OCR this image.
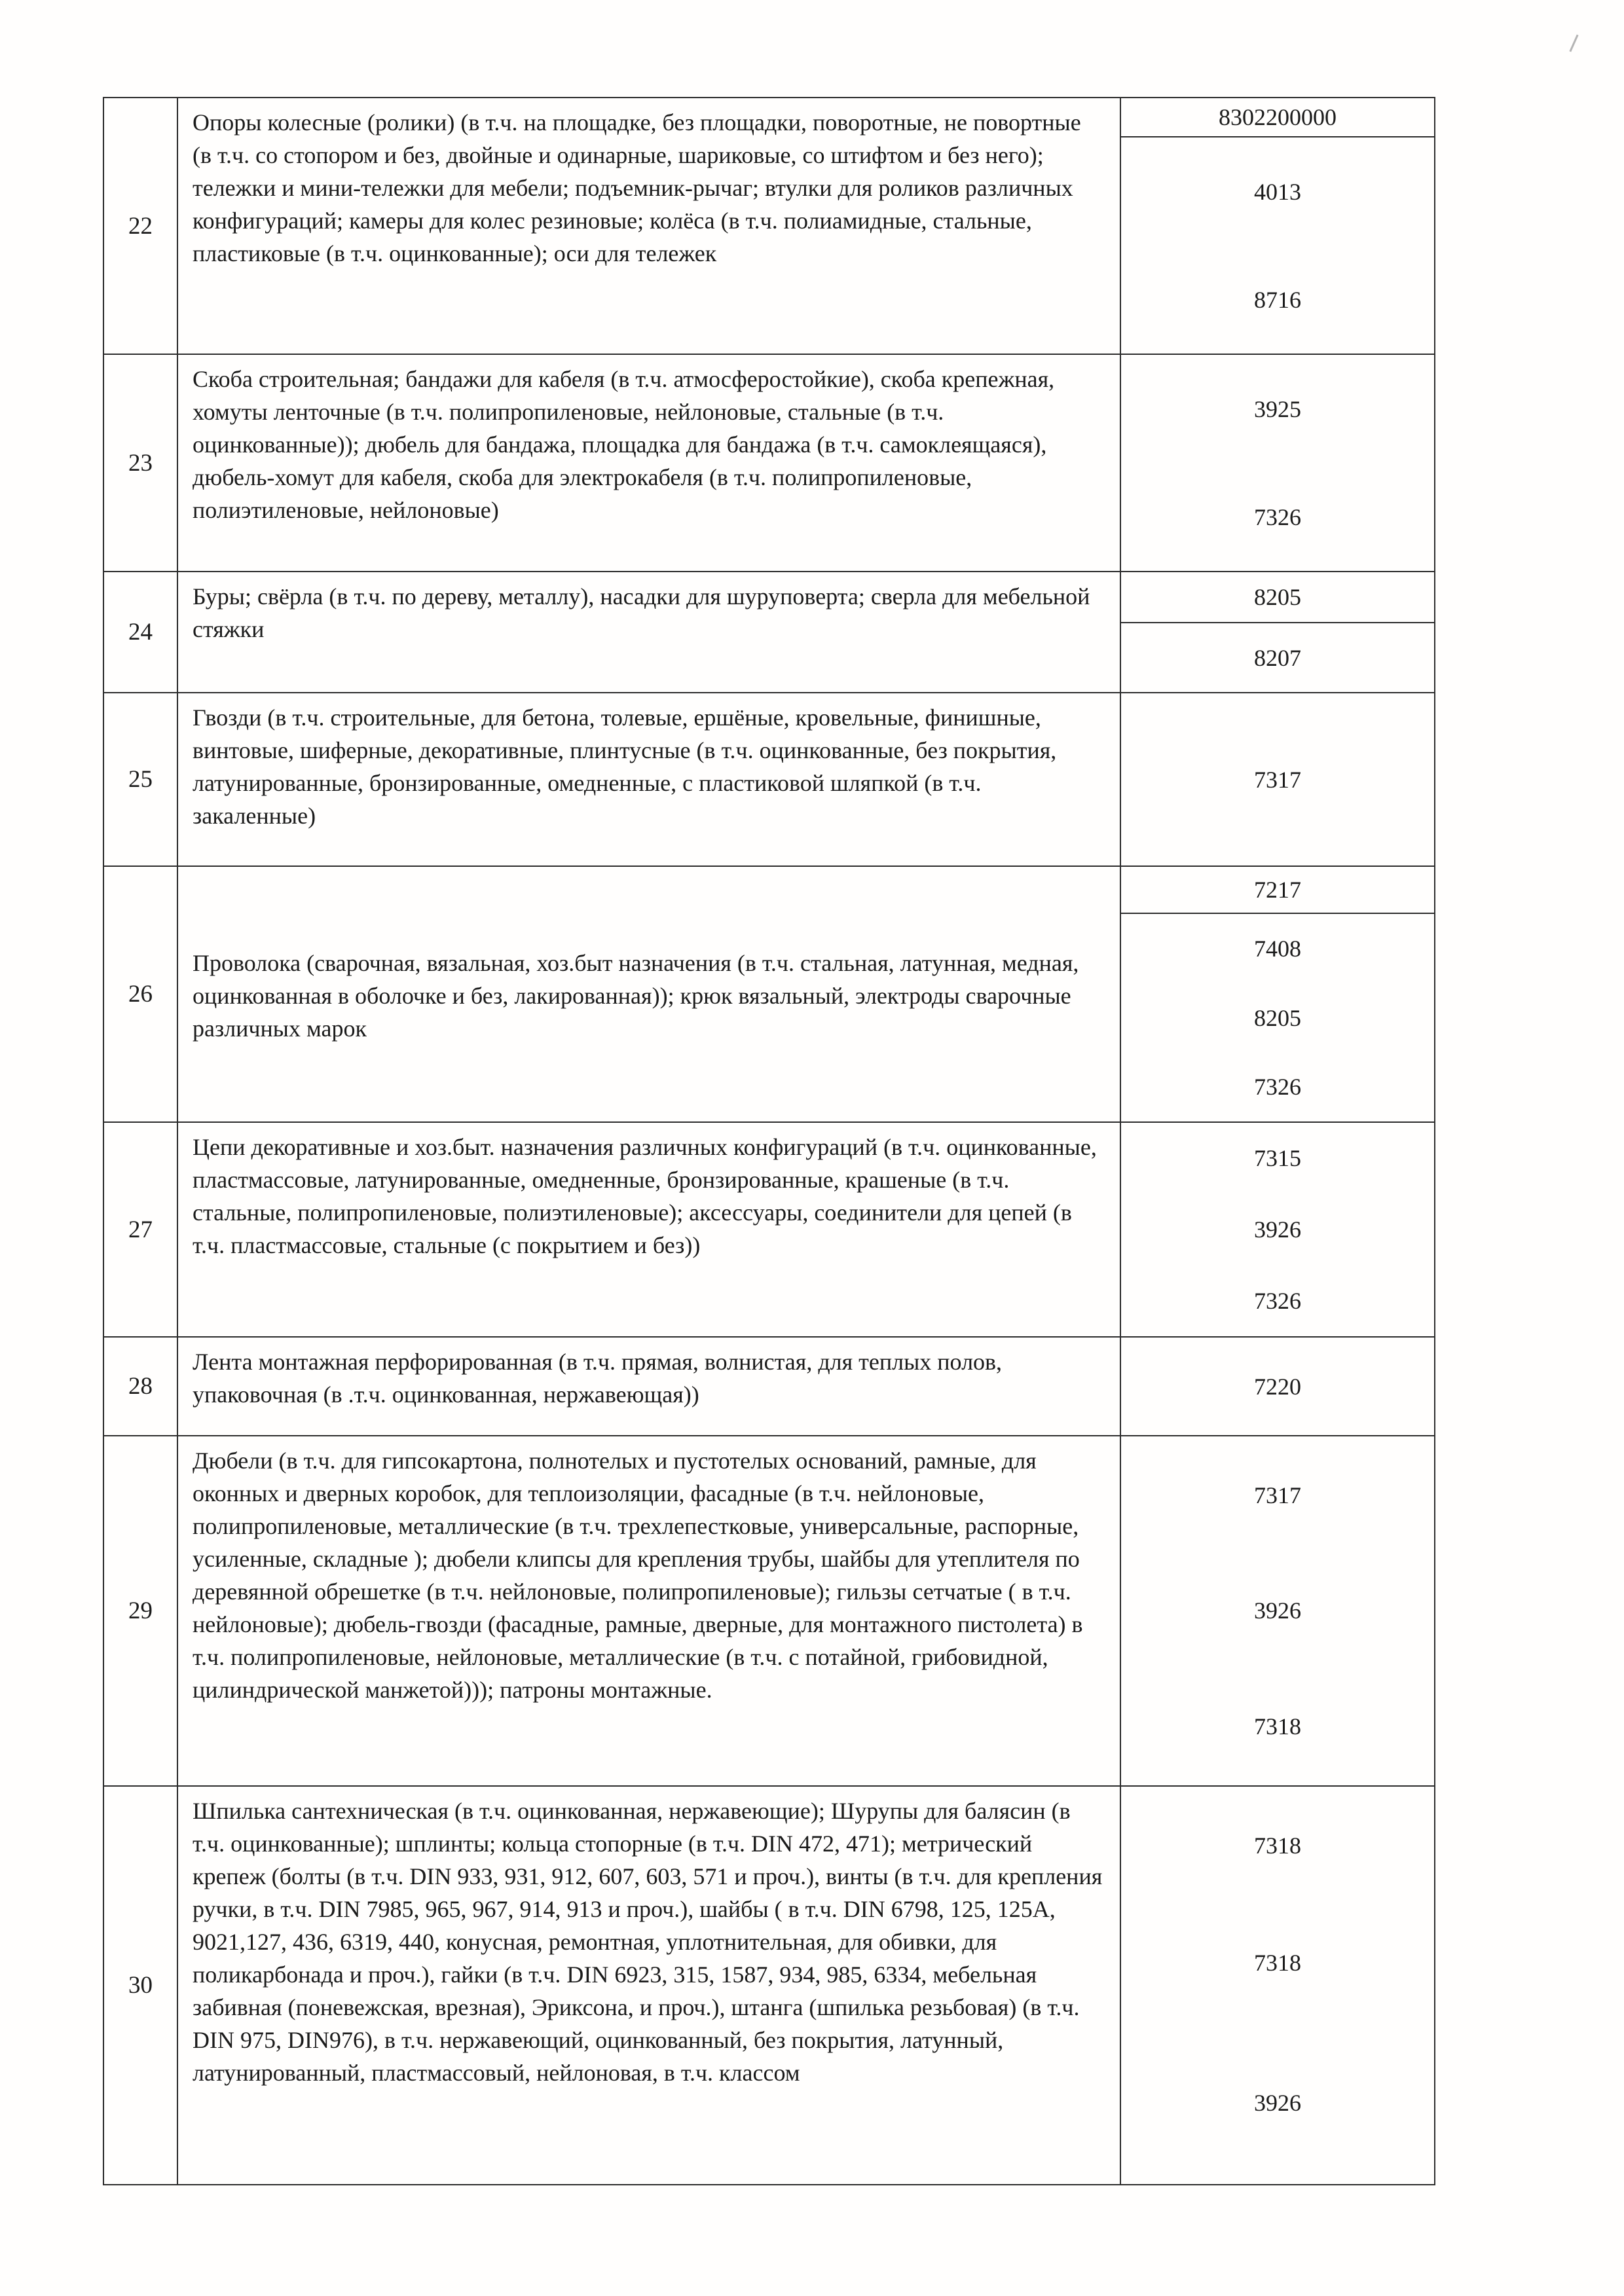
22
Опоры колесные (ролики) (в т.ч. на площадке, без площадки, поворотные, не повортные (в т.ч. со стопором и без, двойные и одинарные, шариковые, со штифтом и без него); тележки и мини-тележки для мебели; подъемник-рычаг; втулки для роликов различных конфигураций; камеры для колес резиновые; колёса (в т.ч. полиамидные, стальные, пластиковые (в т.ч. оцинкованные); оси для тележек
8302200000
4013
8716
23
Скоба строительная; бандажи для кабеля (в т.ч. атмосферостойкие), скоба крепежная, хомуты ленточные (в т.ч. полипропиленовые, нейлоновые, стальные (в т.ч. оцинкованные)); дюбель для бандажа, площадка для бандажа (в т.ч. самоклеящаяся), дюбель-хомут для кабеля, скоба для электрокабеля (в т.ч. полипропиленовые, полиэтиленовые, нейлоновые)
3925
7326
24
Буры; свёрла (в т.ч. по дереву, металлу), насадки для шуруповерта; сверла для мебельной стяжки
8205
8207
25
Гвозди (в т.ч. строительные, для бетона, толевые, ершёные, кровельные, финишные, винтовые, шиферные, декоративные, плинтусные (в т.ч. оцинкованные, без покрытия, латунированные, бронзированные, омедненные, с пластиковой шляпкой (в т.ч. закаленные)
7317
26
Проволока (сварочная, вязальная, хоз.быт назначения (в т.ч. стальная, латунная, медная, оцинкованная в оболочке и без, лакированная)); крюк вязальный, электроды сварочные различных марок
7217
7408
8205
7326
27
Цепи декоративные и хоз.быт. назначения различных конфигураций (в т.ч. оцинкованные, пластмассовые, латунированные, омедненные, бронзированные, крашеные (в т.ч. стальные, полипропиленовые, полиэтиленовые); аксессуары, соединители для цепей (в т.ч. пластмассовые, стальные (с покрытием и без))
7315
3926
7326
28
Лента монтажная перфорированная (в т.ч. прямая, волнистая, для теплых полов, упаковочная (в .т.ч. оцинкованная, нержавеющая))	7220
29
Дюбели (в т.ч. для гипсокартона, полнотелых и пустотелых оснований, рамные, для оконных и дверных коробок, для теплоизоляции, фасадные (в т.ч. нейлоновые, полипропиленовые, металлические (в т.ч. трехлепестковые, универсальные, распорные, усиленные, складные ); дюбели клипсы для крепления трубы, шайбы для утеплителя по деревянной обрешетке (в т.ч. нейлоновые, полипропиленовые); гильзы сетчатые ( в т.ч. нейлоновые); дюбель-гвозди (фасадные, рамные, дверные, для монтажного пистолета) в т.ч. полипропиленовые, нейлоновые, металлические (в т.ч. с потайной, грибовидной, цилиндрической манжетой))); патроны монтажные.
7317
3926
7318
30
Шпилька сантехническая (в т.ч. оцинкованная, нержавеющие); Шурупы для балясин (в т.ч. оцинкованные); шплинты; кольца стопорные (в т.ч. DIN 472, 471); метрический крепеж (болты (в т.ч. DIN 933, 931, 912, 607, 603, 571 и проч.), винты (в т.ч. для крепления ручки, в т.ч. DIN 7985, 965, 967, 914, 913 и проч.), шайбы ( в т.ч. DIN 6798, 125, 125A, 9021,127, 436, 6319, 440, конусная, ремонтная, уплотнительная, для обивки, для поликарбонада и проч.), гайки (в т.ч. DIN 6923, 315, 1587, 934, 985, 6334, мебельная забивная (поневежская, врезная), Эриксона, и проч.), штанга (шпилька резьбовая) (в т.ч. DIN 975, DIN976), в т.ч. нержавеющий, оцинкованный, без покрытия, латунный, латунированный, пластмассовый, нейлоновая, в т.ч. классом
7318
7318
3926
